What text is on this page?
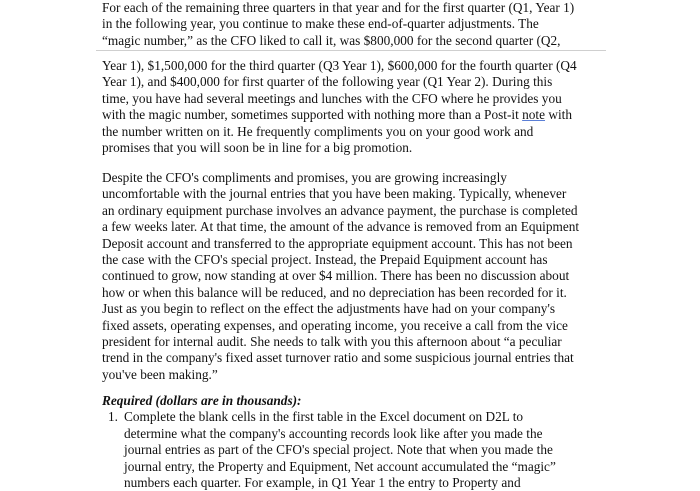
For each of the remaining three quarters in that year and for the first quarter (Q1, Year 1)
in the following year, you continue to make these end-of-quarter adjustments. The
“magic number,” as the CFO liked to call it, was $800,000 for the second quarter (Q2,
Year 1), $1,500,000 for the third quarter (Q3 Year 1), $600,000 for the fourth quarter (Q4
Year 1), and $400,000 for first quarter of the following year (Q1 Year 2). During this
time, you have had several meetings and lunches with the CFO where he provides you
with the magic number, sometimes supported with nothing more than a Post-it note with
the number written on it. He frequently compliments you on your good work and
promises that you will soon be in line for a big promotion.
Despite the CFO's compliments and promises, you are growing increasingly
uncomfortable with the journal entries that you have been making. Typically, whenever
an ordinary equipment purchase involves an advance payment, the purchase is completed
a few weeks later. At that time, the amount of the advance is removed from an Equipment
Deposit account and transferred to the appropriate equipment account. This has not been
the case with the CFO's special project. Instead, the Prepaid Equipment account has
continued to grow, now standing at over $4 million. There has been no discussion about
how or when this balance will be reduced, and no depreciation has been recorded for it.
Just as you begin to reflect on the effect the adjustments have had on your company's
fixed assets, operating expenses, and operating income, you receive a call from the vice
president for internal audit. She needs to talk with you this afternoon about “a peculiar
trend in the company's fixed asset turnover ratio and some suspicious journal entries that
you've been making.”
Required (dollars are in thousands):
1. Complete the blank cells in the first table in the Excel document on D2L to
determine what the company's accounting records look like after you made the
journal entries as part of the CFO's special project. Note that when you made the
journal entry, the Property and Equipment, Net account accumulated the “magic”
numbers each quarter. For example, in Q1 Year 1 the entry to Property and
